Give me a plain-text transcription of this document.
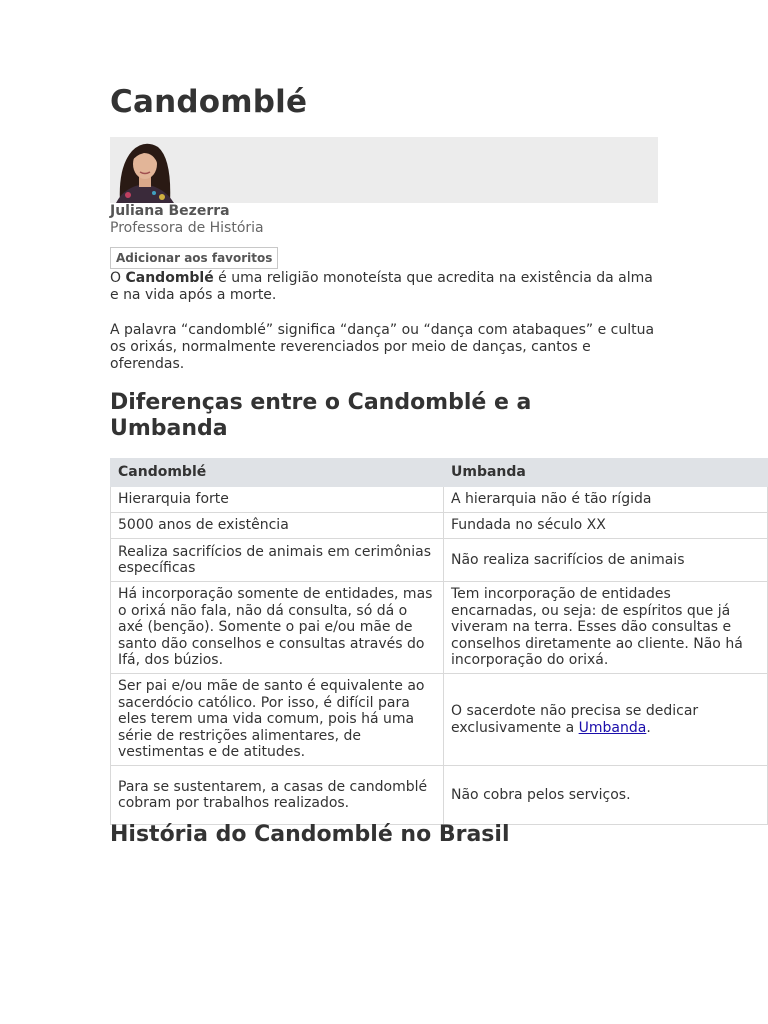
Candomblé
Juliana Bezerra
Professora de História
Adicionar aos favoritos

O Candomblé é uma religião monoteísta que acredita na existência da alma e na vida após a morte.

A palavra “candomblé” significa “dança” ou “dança com atabaques” e cultua os orixás, normalmente reverenciados por meio de danças, cantos e oferendas.

Diferenças entre o Candomblé e a Umbanda
Candomblé	Umbanda
Hierarquia forte	A hierarquia não é tão rígida
5000 anos de existência	Fundada no século XX
Realiza sacrifícios de animais em cerimônias específicas	Não realiza sacrifícios de animais
Há incorporação somente de entidades, mas o orixá não fala, não dá consulta, só dá o axé (benção). Somente o pai e/ou mãe de santo dão conselhos e consultas através do Ifá, dos búzios.	Tem incorporação de entidades encarnadas, ou seja: de espíritos que já viveram na terra. Esses dão consultas e conselhos diretamente ao cliente. Não há incorporação do orixá.
Ser pai e/ou mãe de santo é equivalente ao sacerdócio católico. Por isso, é difícil para eles terem uma vida comum, pois há uma série de restrições alimentares, de vestimentas e de atitudes.	O sacerdote não precisa se dedicar exclusivamente a Umbanda.
Para se sustentarem, a casas de candomblé cobram por trabalhos realizados.	Não cobra pelos serviços.
História do Candomblé no Brasil
